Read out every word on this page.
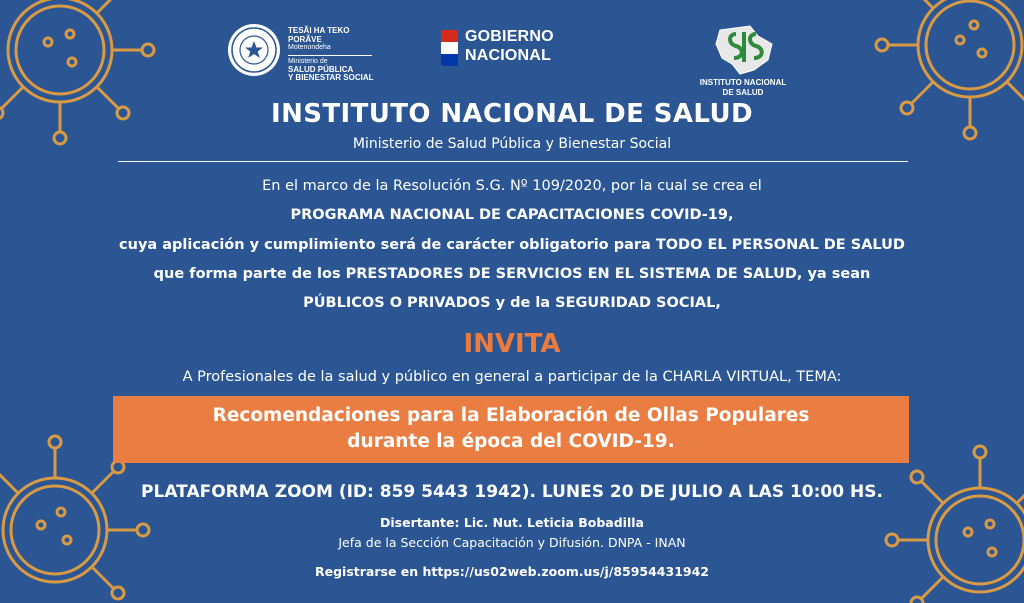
TESÃI HA TEKO
PORÃVE
Motenondeha
Ministerio de
SALUD PÚBLICA
Y BIENESTAR SOCIAL
GOBIERNO
NACIONAL
INSTITUTO NACIONAL
DE SALUD
INSTITUTO NACIONAL DE SALUD
Ministerio de Salud Pública y Bienestar Social
En el marco de la Resolución S.G. Nº 109/2020, por la cual se crea el
PROGRAMA NACIONAL DE CAPACITACIONES COVID-19,
cuya aplicación y cumplimiento será de carácter obligatorio para TODO EL PERSONAL DE SALUD
que forma parte de los PRESTADORES DE SERVICIOS EN EL SISTEMA DE SALUD, ya sean
PÚBLICOS O PRIVADOS y de la SEGURIDAD SOCIAL,
INVITA
A Profesionales de la salud y público en general a participar de la CHARLA VIRTUAL, TEMA:
Recomendaciones para la Elaboración de Ollas Populares
durante la época del COVID-19.
PLATAFORMA ZOOM (ID: 859 5443 1942). LUNES 20 DE JULIO A LAS 10:00 HS.
Disertante: Lic. Nut. Leticia Bobadilla
Jefa de la Sección Capacitación y Difusión. DNPA - INAN
Registrarse en https://us02web.zoom.us/j/85954431942
